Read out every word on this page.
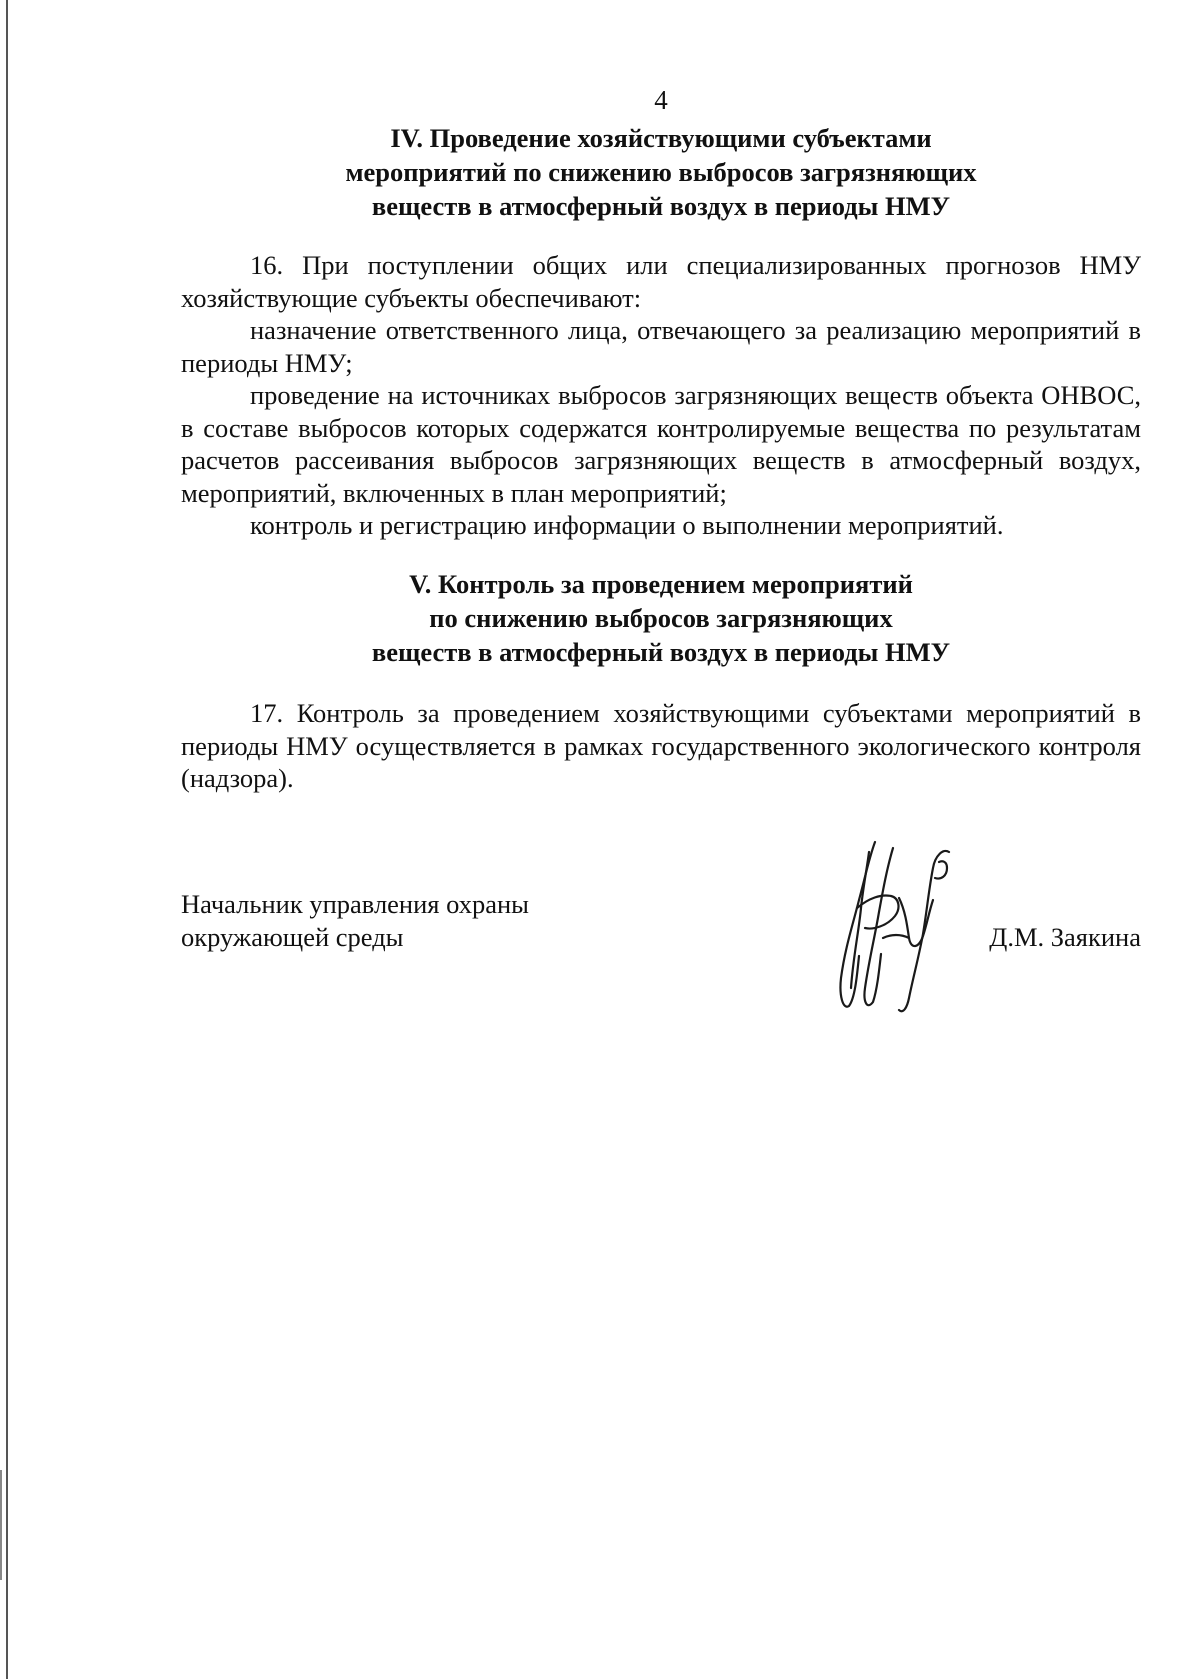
4
IV. Проведение хозяйствующими субъектами
мероприятий по снижению выбросов загрязняющих
веществ в атмосферный воздух в периоды НМУ

16. При поступлении общих или специализированных прогнозов НМУ хозяйствующие субъекты обеспечивают:

назначение ответственного лица, отвечающего за реализацию мероприятий в периоды НМУ;

проведение на источниках выбросов загрязняющих веществ объекта ОНВОС, в составе выбросов которых содержатся контролируемые вещества по результатам расчетов рассеивания выбросов загрязняющих веществ в атмосферный воздух, мероприятий, включенных в план мероприятий;

контроль и регистрацию информации о выполнении мероприятий.

V. Контроль за проведением мероприятий
по снижению выбросов загрязняющих
веществ в атмосферный воздух в периоды НМУ

17. Контроль за проведением хозяйствующими субъектами мероприятий в периоды НМУ осуществляется в рамках государственного экологического контроля (надзора).

Начальник управления охраны
окружающей среды	Д.М. Заякина
